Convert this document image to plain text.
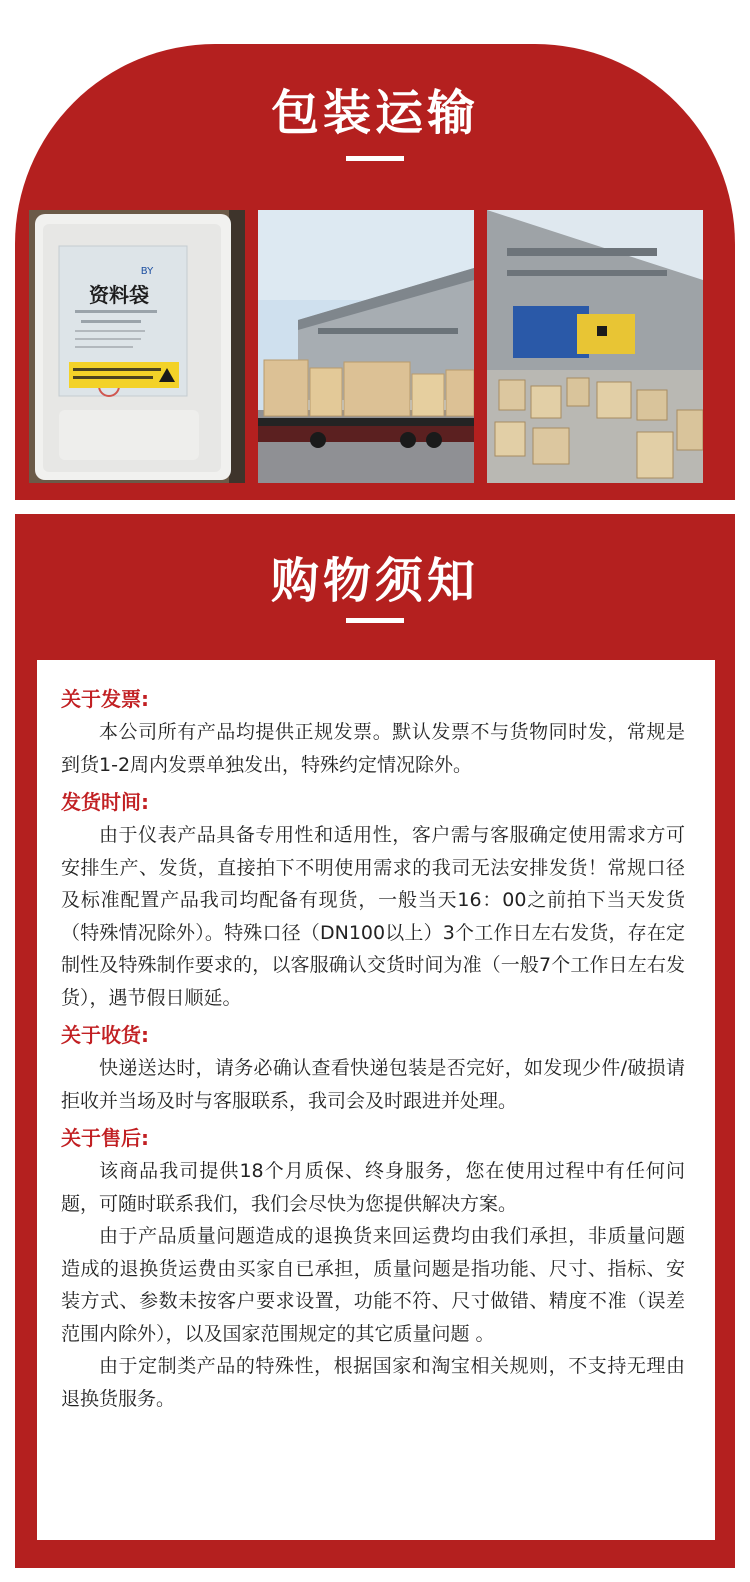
包装运输
BY
资料袋
购物须知
关于发票:

本公司所有产品均提供正规发票。默认发票不与货物同时发，常规是到货1-2周内发票单独发出，特殊约定情况除外。

发货时间:

由于仪表产品具备专用性和适用性，客户需与客服确定使用需求方可安排生产、发货，直接拍下不明使用需求的我司无法安排发货！常规口径及标准配置产品我司均配备有现货，一般当天16：00之前拍下当天发货（特殊情况除外）。特殊口径（DN100以上）3个工作日左右发货，存在定制性及特殊制作要求的，以客服确认交货时间为准（一般7个工作日左右发货），遇节假日顺延。

关于收货:

快递送达时，请务必确认查看快递包装是否完好，如发现少件/破损请拒收并当场及时与客服联系，我司会及时跟进并处理。

关于售后:

该商品我司提供18个月质保、终身服务，您在使用过程中有任何问题，可随时联系我们，我们会尽快为您提供解决方案。

由于产品质量问题造成的退换货来回运费均由我们承担，非质量问题造成的退换货运费由买家自已承担，质量问题是指功能、尺寸、指标、安装方式、参数未按客户要求设置，功能不符、尺寸做错、精度不准（误差范围内除外），以及国家范围规定的其它质量问题 。

由于定制类产品的特殊性，根据国家和淘宝相关规则，不支持无理由退换货服务。
